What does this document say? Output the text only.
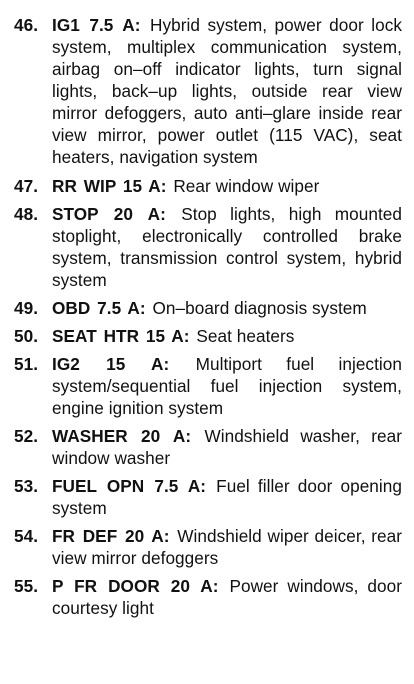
46. IG1 7.5 A: Hybrid system, power door lock system, multiplex communication system, airbag on–off indicator lights, turn signal lights, back–up lights, outside rear view mirror defoggers, auto anti–glare inside rear view mirror, power outlet (115 VAC), seat heaters, navigation system
47. RR WIP 15 A: Rear window wiper
48. STOP 20 A: Stop lights, high mounted stoplight, electronically controlled brake system, transmission control system, hybrid system
49. OBD 7.5 A: On–board diagnosis system
50. SEAT HTR 15 A: Seat heaters
51. IG2 15 A: Multiport fuel injection system/sequential fuel injection system, engine ignition system
52. WASHER 20 A: Windshield washer, rear window washer
53. FUEL OPN 7.5 A: Fuel filler door opening system
54. FR DEF 20 A: Windshield wiper deicer, rear view mirror defoggers
55. P FR DOOR 20 A: Power windows, door courtesy light
